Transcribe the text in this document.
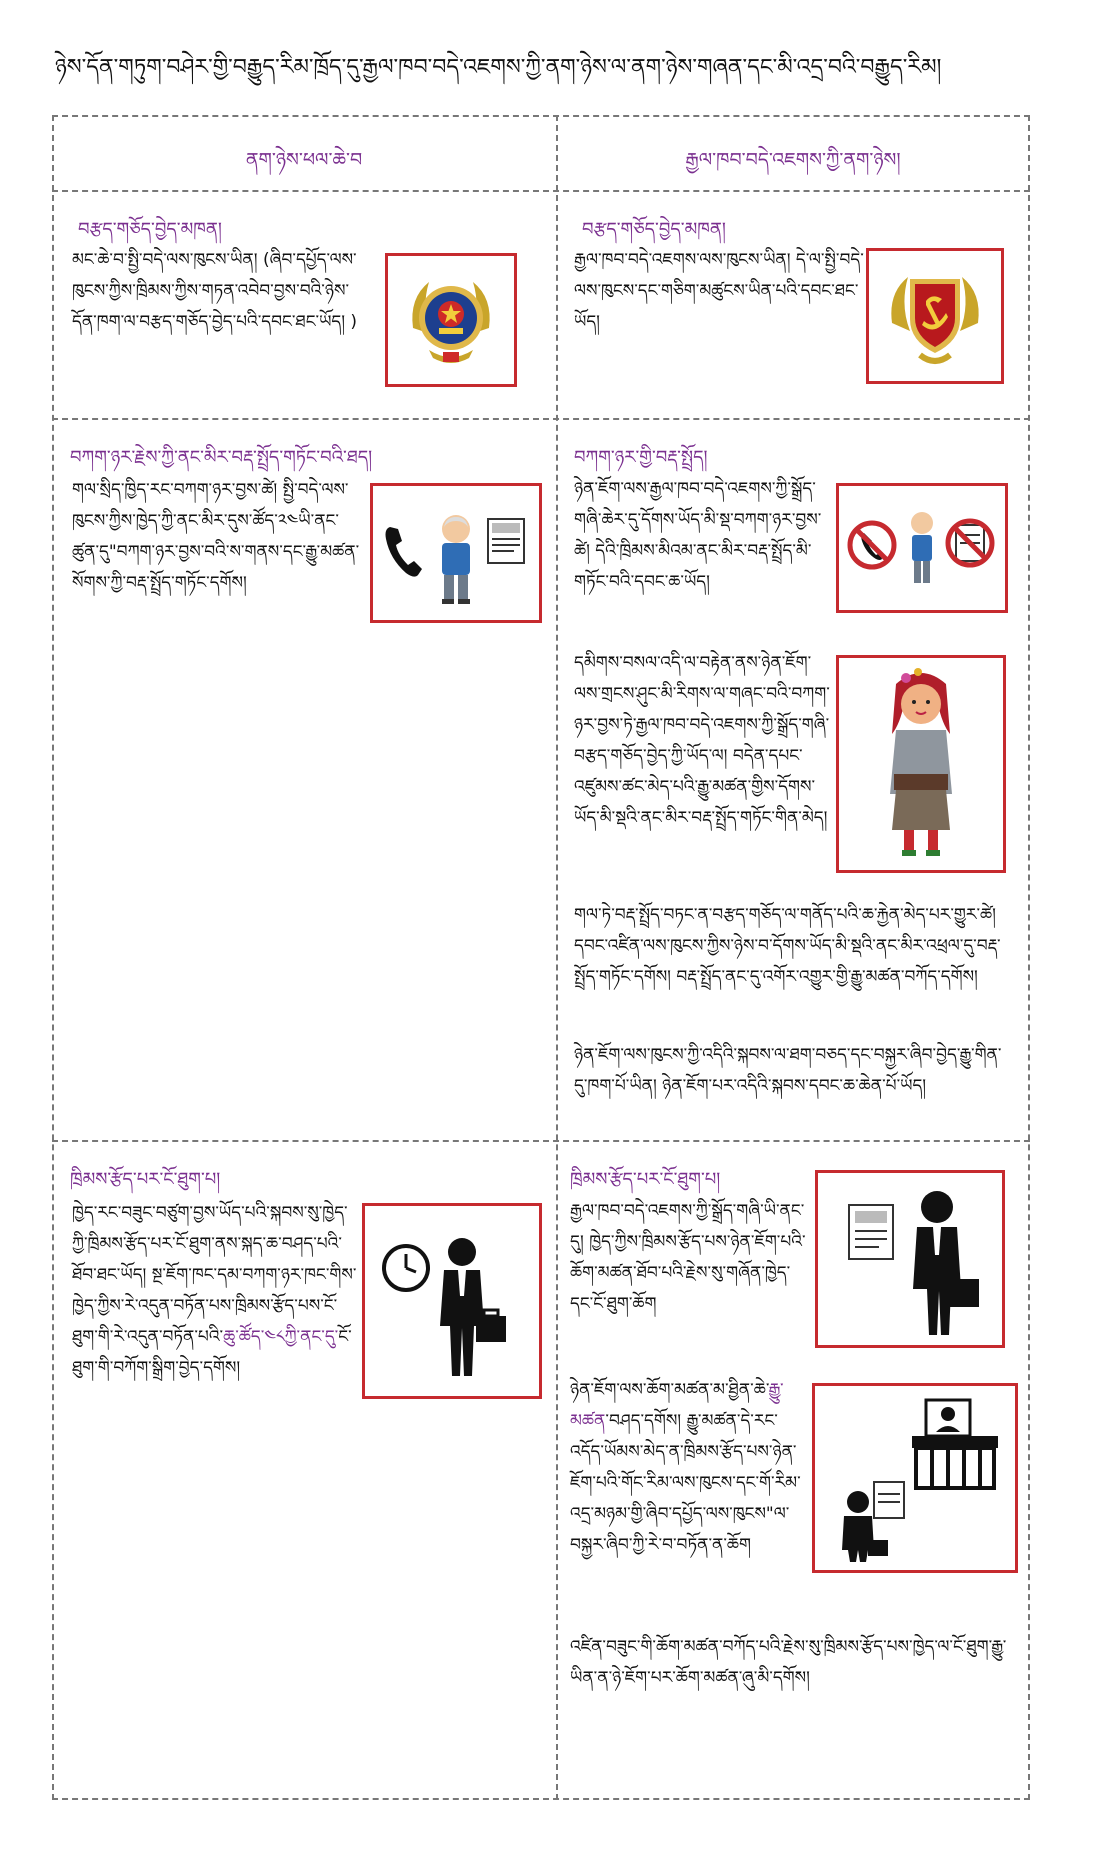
ཉེས་དོན་གཏུག་བཤེར་གྱི་བརྒྱུད་རིམ་ཁྲོད་དུ་རྒྱལ་ཁབ་བདེ་འཇགས་ཀྱི་ནག་ཉེས་ལ་ནག་ཉེས་གཞན་དང་མི་འདྲ་བའི་བརྒྱུད་རིམ།
ནག་ཉེས་ཕལ་ཆེ་བ	རྒྱལ་ཁབ་བདེ་འཇགས་ཀྱི་ནག་ཉེས།
བརྩད་གཅོད་བྱེད་མཁན།
མང་ཆེ་བ་སྤྱི་བདེ་ལས་ཁུངས་ཡིན། (ཞིབ་དཔྱོད་ལས་ཁུངས་ཀྱིས་ཁྲིམས་ཀྱིས་གཏན་འབེབ་བྱས་བའི་ཉེས་དོན་ཁག་ལ་བརྩད་གཅོད་བྱེད་པའི་དབང་ཐང་ཡོད། )
བརྩད་གཅོད་བྱེད་མཁན།
རྒྱལ་ཁབ་བདེ་འཇགས་ལས་ཁུངས་ཡིན། དེ་ལ་སྤྱི་བདེ་ལས་ཁུངས་དང་གཅིག་མཚུངས་ཡིན་པའི་དབང་ཐང་ཡོད།
བཀག་ཉར་རྗེས་ཀྱི་ནང་མིར་བརྡ་སྤྲོད་གཏོང་བའི་ཐད།
གལ་སྲིད་ཁྱིད་རང་བཀག་ཉར་བྱས་ཚེ། སྤྱི་བདེ་ལས་ཁུངས་ཀྱིས་ཁྱེད་ཀྱི་ནང་མིར་དུས་ཚོད་༢༤ཡི་ནང་ཚུན་དུ"བཀག་ཉར་བྱས་བའི་ས་གནས་དང་རྒྱུ་མཚན་སོགས་ཀྱི་བརྡ་སྤྲོད་གཏོང་དགོས།
བཀག་ཉར་གྱི་བརྡ་སྤྲོད།
ཉེན་ཇོག་ལས་རྒྱལ་ཁབ་བདེ་འཇགས་ཀྱི་སྒྲོད་གཞི་ཆེར་དུ་དོགས་ཡོད་མི་སྡ་བཀག་ཉར་བྱས་ཚེ། དེའི་ཁྲིམས་མིའམ་ནང་མིར་བརྡ་སྤྲོད་མི་གཏོང་བའི་དབང་ཆ་ཡོད།
དམིགས་བསལ་འདི་ལ་བརྟེན་ནས་ཉེན་ཇོག་ལས་གྲངས་ཤུང་མི་རིགས་ལ་གཞང་བའི་བཀག་ཉར་བྱས་ཏེ་རྒྱལ་ཁབ་བདེ་འཇགས་ཀྱི་སྒྲོད་གཞི་བརྩད་གཅོད་བྱེད་ཀྱི་ཡོད་ལ། བདེན་དཔང་འཛུམས་ཚང་མེད་པའི་རྒྱུ་མཚན་གྱིས་དོགས་ཡོད་མི་སྡའི་ནང་མིར་བརྡ་སྤྲོད་གཏོང་གིན་མེད།
གལ་ཏེ་བརྡ་སྤྲོད་བཏང་ན་བརྩད་གཅོད་ལ་གནོད་པའི་ཆ་རྐྱེན་མེད་པར་གྱུར་ཚེ། དབང་འཛིན་ལས་ཁུངས་ཀྱིས་ཉེས་བ་དོགས་ཡོད་མི་སྡའི་ནང་མིར་འཕྲལ་དུ་བརྡ་སྤྲོད་གཏོང་དགོས། བརྡ་སྤྲོད་ནང་དུ་འགོར་འགྱུར་གྱི་རྒྱུ་མཚན་བཀོད་དགོས།
ཉེན་ཇོག་ལས་ཁུངས་ཀྱི་འདིའི་སྐབས་ལ་ཐག་བཅད་དང་བསྐྱར་ཞིབ་བྱེད་རྒྱུ་གིན་དུ་ཁག་པོ་ཡིན། ཉེན་ཇོག་པར་འདིའི་སྐབས་དབང་ཆ་ཆེན་པོ་ཡོད།
ཁྲིམས་རྩོད་པར་ངོ་ཐུག་པ།
ཁྱེད་རང་བཟུང་བཙུག་བྱས་ཡོད་པའི་སྐབས་སུ་ཁྱེད་ཀྱི་ཁྲིམས་རྩོད་པར་ངོ་ཐུག་ནས་སྐད་ཆ་བཤད་པའི་ཐོབ་ཐང་ཡོད། སྔ་ཇོག་ཁང་དམ་བཀག་ཉར་ཁང་གིས་ཁྱེད་ཀྱིས་རེ་འདུན་བཏོན་པས་ཁྲིམས་རྩོད་པས་ངོ་ཐུག་གི་རེ་འདུན་བཏོན་པའི་ཆུ་ཚོད་༤༨ཀྱི་ནང་དུ་ངོ་ཐུག་གི་བཀོག་སྒྲིག་བྱེད་དགོས།
ཁྲིམས་རྩོད་པར་ངོ་ཐུག་པ།
རྒྱལ་ཁབ་བདེ་འཇགས་ཀྱི་སྒྲོད་གཞི་ཡི་ནང་དུ། ཁྱེད་ཀྱིས་ཁྲིམས་རྩོད་པས་ཉེན་ཇོག་པའི་ཆོག་མཚན་ཐོབ་པའི་རྗེས་སུ་གཞོན་ཁྱེད་དང་ངོ་ཐུག་ཆོག
ཉེན་ཇོག་ལས་ཆོག་མཚན་མ་ཐྱིན་ཆེ་རྒྱུ་མཚན་བཤད་དགོས། རྒྱུ་མཚན་དེ་རང་འདོད་ཡོམས་མེད་ན་ཁྲིམས་རྩོད་པས་ཉེན་ཇོག་པའི་གོང་རིམ་ལས་ཁུངས་དང་གོ་རིམ་འདྲ་མཉམ་གྱི་ཞིབ་དཔྱོད་ལས་ཁུངས"ལ་བསྐྱར་ཞིབ་ཀྱི་རེ་བ་བཏོན་ན་ཆོག
འཛིན་བཟུང་གི་ཆོག་མཚན་བཀོད་པའི་རྗེས་སུ་ཁྲིམས་རྩོད་པས་ཁྱེད་ལ་ངོ་ཐུག་རྒྱུ་ཡིན་ན་ཉེ་ཇོག་པར་ཆོག་མཚན་ཞུ་མི་དགོས།
